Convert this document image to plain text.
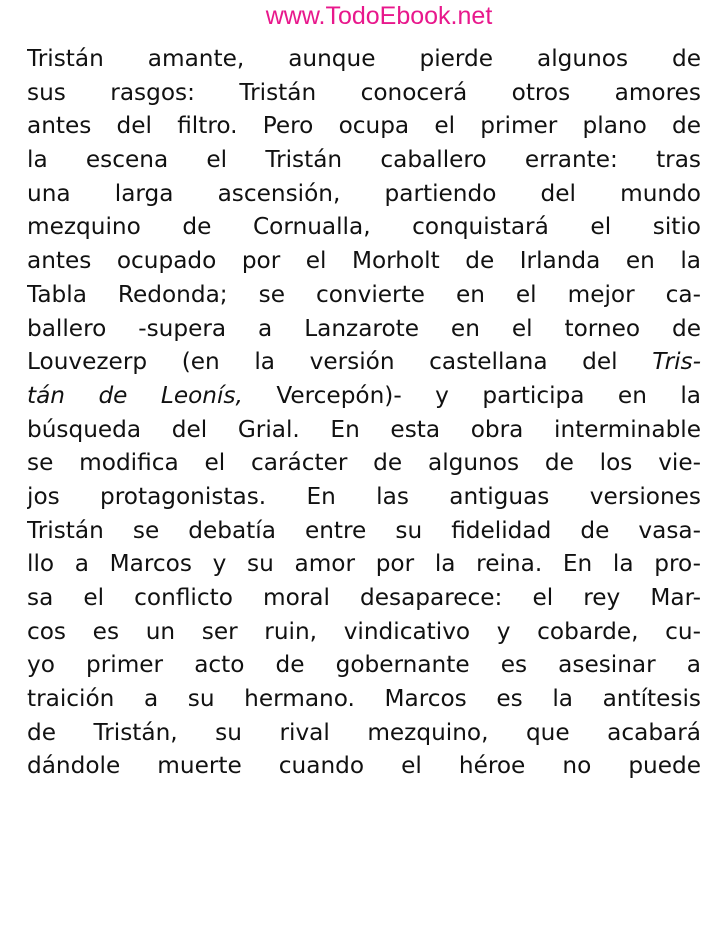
www.TodoEbook.net
Tristán amante, aunque pierde algunos de
sus rasgos: Tristán conocerá otros amores
antes del filtro. Pero ocupa el primer plano de
la escena el Tristán caballero errante: tras
una larga ascensión, partiendo del mundo
mezquino de Cornualla, conquistará el sitio
antes ocupado por el Morholt de Irlanda en la
Tabla Redonda; se convierte en el mejor ca-
ballero -supera a Lanzarote en el torneo de
Louvezerp (en la versión castellana del Tris-
tán de Leonís, Vercepón)- y participa en la
búsqueda del Grial. En esta obra interminable
se modifica el carácter de algunos de los vie-
jos protagonistas. En las antiguas versiones
Tristán se debatía entre su fidelidad de vasa-
llo a Marcos y su amor por la reina. En la pro-
sa el conflicto moral desaparece: el rey Mar-
cos es un ser ruin, vindicativo y cobarde, cu-
yo primer acto de gobernante es asesinar a
traición a su hermano. Marcos es la antítesis
de Tristán, su rival mezquino, que acabará
dándole muerte cuando el héroe no puede
